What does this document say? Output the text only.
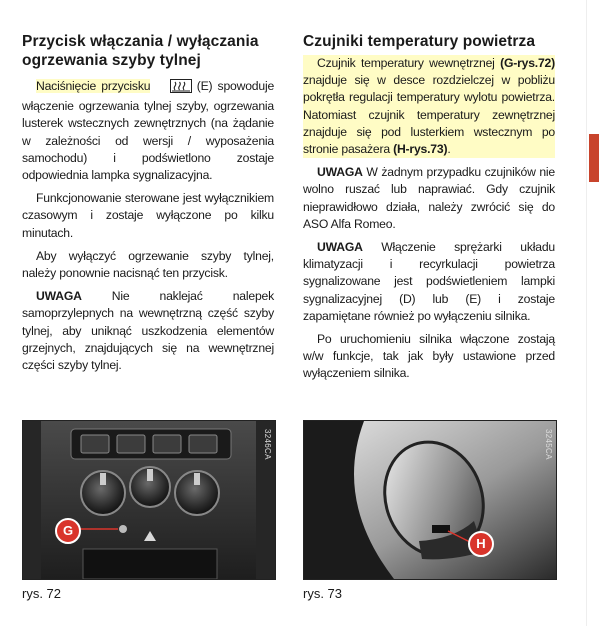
Przycisk włączania / wyłączania
ogrzewania szyby tylnej

Naciśnięcie przycisku	(E) spowoduje włączenie ogrzewania tylnej szyby, ogrzewania lusterek wstecznych zewnętrznych (na żądanie w zależności od wersji / wyposażenia samochodu) i podświetlono zostaje odpowiednia lampka sygnalizacyjna.

Funkcjonowanie sterowane jest wyłącznikiem czasowym i zostaje wyłączone po kilku minutach.

Aby wyłączyć ogrzewanie szyby tylnej, należy ponownie nacisnąć ten przycisk.

UWAGA Nie naklejać nalepek samoprzylepnych na wewnętrzną część szyby tylnej, aby uniknąć uszkodzenia elementów grzejnych, znajdujących się na wewnętrznej części szyby tylnej.

Czujniki temperatury powietrza

Czujnik temperatury wewnętrznej (G-rys.72) znajduje się w desce rozdzielczej w pobliżu pokrętła regulacji temperatury wylotu powietrza. Natomiast czujnik temperatury zewnętrznej znajduje się pod lusterkiem wstecznym po stronie pasażera (H-rys.73).

UWAGA W żadnym przypadku czujników nie wolno ruszać lub naprawiać. Gdy czujnik nieprawidłowo działa, należy zwrócić się do ASO Alfa Romeo.

UWAGA Włączenie sprężarki układu klimatyzacji i recyrkulacji powietrza sygnalizowane jest podświetleniem lampki sygnalizacyjnej (D) lub (E) i zostaje zapamiętane również po wyłączeniu silnika.

Po uruchomieniu silnika włączone zostają w/w funkcje, tak jak były ustawione przed wyłączeniem silnika.

3246CA
G
rys. 72
3245CA
H
rys. 73
